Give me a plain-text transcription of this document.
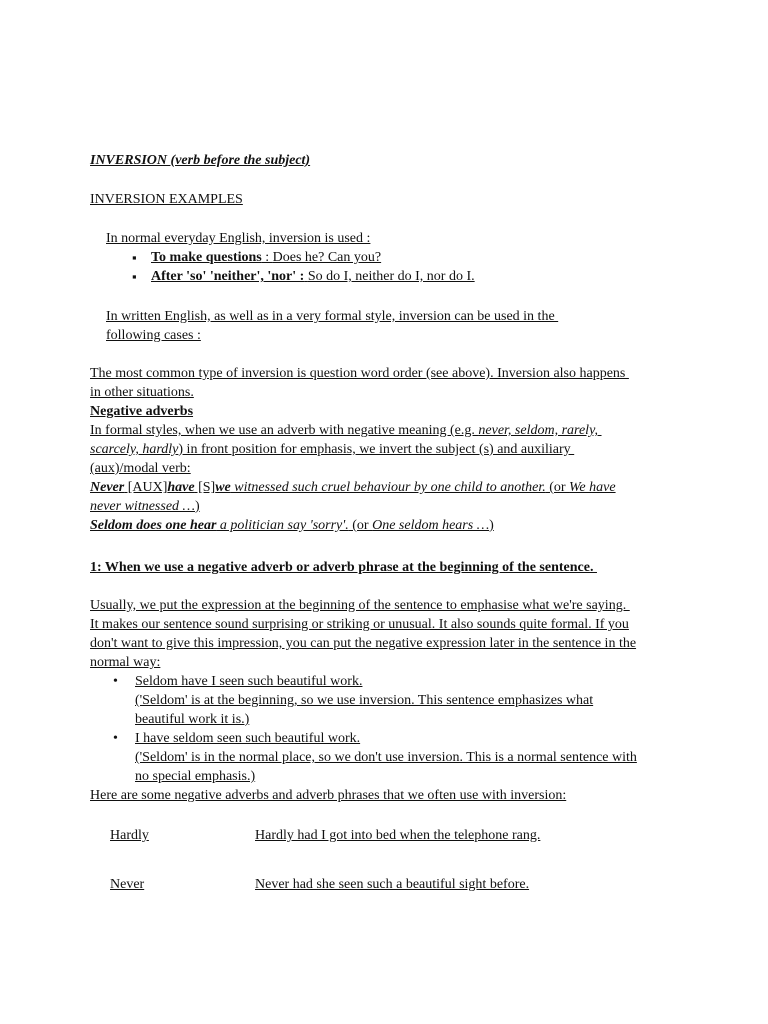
INVERSION (verb before the subject)
INVERSION EXAMPLES
In normal everyday English, inversion is used :
▪ To make questions : Does he? Can you?
▪ After 'so' 'neither', 'nor' : So do I, neither do I, nor do I.
In written English, as well as in a very formal style, inversion can be used in the
following cases :
The most common type of inversion is question word order (see above). Inversion also happens
in other situations.
Negative adverbs
In formal styles, when we use an adverb with negative meaning (e.g. never, seldom, rarely,
scarcely, hardly) in front position for emphasis, we invert the subject (s) and auxiliary
(aux)/modal verb:
Never [AUX]have [S]we witnessed such cruel behaviour by one child to another. (or We have
never witnessed …)
Seldom does one hear a politician say 'sorry'. (or One seldom hears …)
1: When we use a negative adverb or adverb phrase at the beginning of the sentence.
Usually, we put the expression at the beginning of the sentence to emphasise what we're saying.
It makes our sentence sound surprising or striking or unusual. It also sounds quite formal. If you
don't want to give this impression, you can put the negative expression later in the sentence in the
normal way:
• Seldom have I seen such beautiful work.
('Seldom' is at the beginning, so we use inversion. This sentence emphasizes what
beautiful work it is.)
• I have seldom seen such beautiful work.
('Seldom' is in the normal place, so we don't use inversion. This is a normal sentence with
no special emphasis.)
Here are some negative adverbs and adverb phrases that we often use with inversion:
Hardly	Hardly had I got into bed when the telephone rang.
Never	Never had she seen such a beautiful sight before.
